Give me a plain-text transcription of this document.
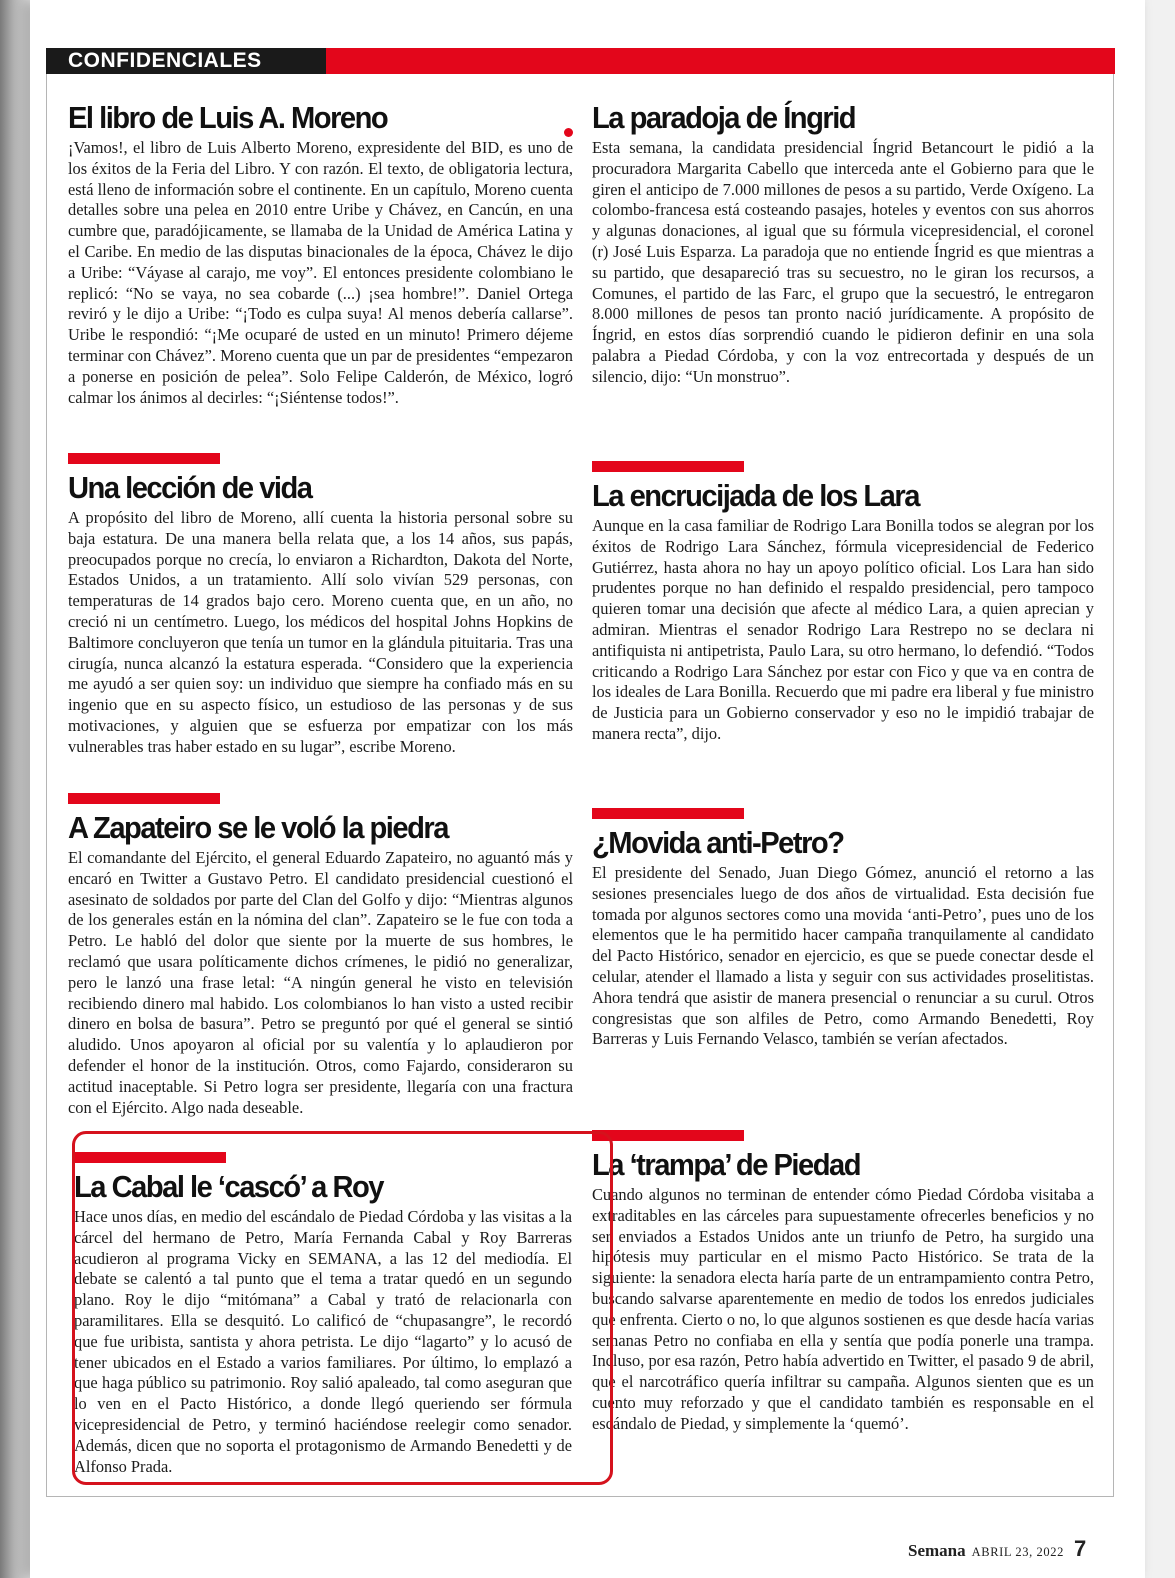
CONFIDENCIALES
El libro de Luis A. Moreno

¡Vamos!, el libro de Luis Alberto Moreno, expresidente del BID, es uno de los éxitos de la Feria del Libro. Y con razón. El texto, de obligatoria lectura, está lleno de información sobre el continente. En un capítulo, Moreno cuenta detalles sobre una pelea en 2010 entre Uribe y Chávez, en Cancún, en una cumbre que, paradójicamente, se llamaba de la Unidad de América Latina y el Caribe. En medio de las disputas binacionales de la época, Chávez le dijo a Uribe: “Váyase al carajo, me voy”. El entonces presidente colombiano le replicó: “No se vaya, no sea cobarde (...) ¡sea hombre!”. Daniel Ortega reviró y le dijo a Uribe: “¡Todo es culpa suya! Al menos debería callarse”. Uribe le respondió: “¡Me ocuparé de usted en un minuto! Primero déjeme terminar con Chávez”. Moreno cuenta que un par de presidentes “empezaron a ponerse en posición de pelea”. Solo Felipe Calderón, de México, logró calmar los ánimos al decirles: “¡Siéntense todos!”.

Una lección de vida

A propósito del libro de Moreno, allí cuenta la historia personal sobre su baja estatura. De una manera bella relata que, a los 14 años, sus papás, preocupados porque no crecía, lo enviaron a Richardton, Dakota del Norte, Estados Unidos, a un tratamiento. Allí solo vivían 529 personas, con temperaturas de 14 grados bajo cero. Moreno cuenta que, en un año, no creció ni un centímetro. Luego, los médicos del hospital Johns Hopkins de Baltimore concluyeron que tenía un tumor en la glándula pituitaria. Tras una cirugía, nunca alcanzó la estatura esperada. “Considero que la experiencia me ayudó a ser quien soy: un individuo que siempre ha confiado más en su ingenio que en su aspecto físico, un estudioso de las personas y de sus motivaciones, y alguien que se esfuerza por empatizar con los más vulnerables tras haber estado en su lugar”, escribe Moreno.

A Zapateiro se le voló la piedra

El comandante del Ejército, el general Eduardo Zapateiro, no aguantó más y encaró en Twitter a Gustavo Petro. El candidato presidencial cuestionó el asesinato de soldados por parte del Clan del Golfo y dijo: “Mientras algunos de los generales están en la nómina del clan”. Zapateiro se le fue con toda a Petro. Le habló del dolor que siente por la muerte de sus hombres, le reclamó que usara políticamente dichos crímenes, le pidió no generalizar, pero le lanzó una frase letal: “A ningún general he visto en televisión recibiendo dinero mal habido. Los colombianos lo han visto a usted recibir dinero en bolsa de basura”. Petro se preguntó por qué el general se sintió aludido. Unos apoyaron al oficial por su valentía y lo aplaudieron por defender el honor de la institución. Otros, como Fajardo, consideraron su actitud inaceptable. Si Petro logra ser presidente, llegaría con una fractura con el Ejército. Algo nada deseable.

La Cabal le ‘cascó’ a Roy

Hace unos días, en medio del escándalo de Piedad Córdoba y las visitas a la cárcel del hermano de Petro, María Fernanda Cabal y Roy Barreras acudieron al programa Vicky en SEMANA, a las 12 del mediodía. El debate se calentó a tal punto que el tema a tratar quedó en un segundo plano. Roy le dijo “mitómana” a Cabal y trató de relacionarla con paramilitares. Ella se desquitó. Lo calificó de “chupasangre”, le recordó que fue uribista, santista y ahora petrista. Le dijo “lagarto” y lo acusó de tener ubicados en el Estado a varios familiares. Por último, lo emplazó a que haga público su patrimonio. Roy salió apaleado, tal como aseguran que lo ven en el Pacto Histórico, a donde llegó queriendo ser fórmula vicepresidencial de Petro, y terminó haciéndose reelegir como senador. Además, dicen que no soporta el protagonismo de Armando Benedetti y de Alfonso Prada.

La paradoja de Íngrid

Esta semana, la candidata presidencial Íngrid Betancourt le pidió a la procuradora Margarita Cabello que interceda ante el Gobierno para que le giren el anticipo de 7.000 millones de pesos a su partido, Verde Oxígeno. La colombo-francesa está costeando pasajes, hoteles y eventos con sus ahorros y algunas donaciones, al igual que su fórmula vicepresidencial, el coronel (r) José Luis Esparza. La paradoja que no entiende Íngrid es que mientras a su partido, que desapareció tras su secuestro, no le giran los recursos, a Comunes, el partido de las Farc, el grupo que la secuestró, le entregaron 8.000 millones de pesos tan pronto nació jurídicamente. A propósito de Íngrid, en estos días sorprendió cuando le pidieron definir en una sola palabra a Piedad Córdoba, y con la voz entrecortada y después de un silencio, dijo: “Un monstruo”.

La encrucijada de los Lara

Aunque en la casa familiar de Rodrigo Lara Bonilla todos se alegran por los éxitos de Rodrigo Lara Sánchez, fórmula vicepresidencial de Federico Gutiérrez, hasta ahora no hay un apoyo político oficial. Los Lara han sido prudentes porque no han definido el respaldo presidencial, pero tampoco quieren tomar una decisión que afecte al médico Lara, a quien aprecian y admiran. Mientras el senador Rodrigo Lara Restrepo no se declara ni antifiquista ni antipetrista, Paulo Lara, su otro hermano, lo defendió. “Todos criticando a Rodrigo Lara Sánchez por estar con Fico y que va en contra de los ideales de Lara Bonilla. Recuerdo que mi padre era liberal y fue ministro de Justicia para un Gobierno conservador y eso no le impidió trabajar de manera recta”, dijo.

¿Movida anti-Petro?

El presidente del Senado, Juan Diego Gómez, anunció el retorno a las sesiones presenciales luego de dos años de virtualidad. Esta decisión fue tomada por algunos sectores como una movida ‘anti-Petro’, pues uno de los elementos que le ha permitido hacer campaña tranquilamente al candidato del Pacto Histórico, senador en ejercicio, es que se puede conectar desde el celular, atender el llamado a lista y seguir con sus actividades proselitistas. Ahora tendrá que asistir de manera presencial o renunciar a su curul. Otros congresistas que son alfiles de Petro, como Armando Benedetti, Roy Barreras y Luis Fernando Velasco, también se verían afectados.

La ‘trampa’ de Piedad

Cuando algunos no terminan de entender cómo Piedad Córdoba visitaba a extraditables en las cárceles para supuestamente ofrecerles beneficios y no ser enviados a Estados Unidos ante un triunfo de Petro, ha surgido una hipótesis muy particular en el mismo Pacto Histórico. Se trata de la siguiente: la senadora electa haría parte de un entrampamiento contra Petro, buscando salvarse aparentemente en medio de todos los enredos judiciales que enfrenta. Cierto o no, lo que algunos sostienen es que desde hacía varias semanas Petro no confiaba en ella y sentía que podía ponerle una trampa. Incluso, por esa razón, Petro había advertido en Twitter, el pasado 9 de abril, que el narcotráfico quería infiltrar su campaña. Algunos sienten que es un cuento muy reforzado y que el candidato también es responsable en el escándalo de Piedad, y simplemente la ‘quemó’.

Semana ABRIL 23, 2022 7
